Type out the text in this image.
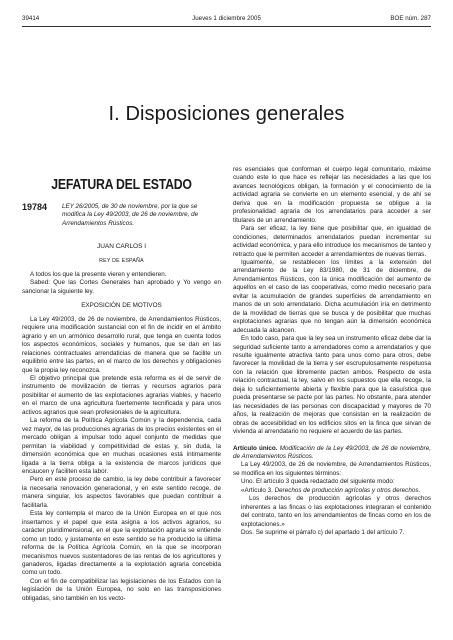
39414	Jueves 1 diciembre 2005	BOE núm. 287
I. Disposiciones generales
JEFATURA DEL ESTADO
19784 LEY 26/2005, de 30 de noviembre, por la que se modifica la Ley 49/2003, de 26 de noviembre, de Arrendamientos Rústicos.
JUAN CARLOS I
REY DE ESPAÑA

A todos los que la presente vieren y entendieren.

Sabed: Que las Cortes Generales han aprobado y Yo vengo en sancionar la siguiente ley.

EXPOSICIÓN DE MOTIVOS

La Ley 49/2003, de 26 de noviembre, de Arrendamientos Rústicos, requiere una modificación sustancial con el fin de incidir en el ámbito agrario y en un armónico desarrollo rural, que tenga en cuenta todos los aspectos económicos, sociales y humanos, que se dan en las relaciones contractuales arrendaticias de manera que se facilite un equilibrio entre las partes, en el marco de los derechos y obligaciones que la propia ley reconozca.

El objetivo principal que pretende esta reforma es el de servir de instrumento de movilización de tierras y recursos agrarios para posibilitar el aumento de las explotaciones agrarias viables, y hacerlo en el marco de una agricultura fuertemente tecnificada y para unos activos agrarios que sean profesionales de la agricultura.

La reforma de la Política Agrícola Común y la dependencia, cada vez mayor, de las producciones agrarias de los precios existentes en el mercado obligan a impulsar todo aquel conjunto de medidas que permitan la viabilidad y competitividad de estas y, sin duda, la dimensión económica que en muchas ocasiones está íntimamente ligada a la tierra obliga a la existencia de marcos jurídicos que encaucen y faciliten esta labor.

Pero en este proceso de cambio, la ley debe contribuir a favorecer la necesaria renovación generacional, y en este sentido recoge, de manera singular, los aspectos favorables que puedan contribuir a facilitarla.

Esta ley contempla el marco de la Unión Europea en el que nos insertamos y el papel que esta asigna a los activos agrarios, su carácter pluridimensional, en el que la explotación agraria se entiende como un todo, y justamente en este sentido se ha producido la última reforma de la Política Agrícola Común, en la que se incorporan mecanismos nuevos sustentadores de las rentas de los agricultores y ganaderos, ligadas directamente a la explotación agraria concebida como un todo.

Con el fin de compatibilizar las legislaciones de los Estados con la legislación de la Unión Europea, no solo en las transposiciones obligadas, sino también en los vecto-

res esenciales que conforman el cuerpo legal comunitario, máxime cuando este lo que hace es reflejar las necesidades a las que los avances tecnológicos obligan, la formación y el conocimiento de la actividad agraria se convierte en un elemento esencial, y de ahí se deriva que en la modificación propuesta se obligue a la profesionalidad agraria de los arrendatarios para acceder a ser titulares de un arrendamiento.

Para ser eficaz, la ley tiene que posibilitar que, en igualdad de condiciones, determinados arrendatarios puedan incrementar su actividad económica, y para ello introduce los mecanismos de tanteo y retracto que le permiten acceder a arrendamientos de nuevas tierras.

Igualmente, se restablecen los límites a la extensión del arrendamiento de la Ley 83/1980, de 31 de diciembre, de Arrendamientos Rústicos, con la única modificación del aumento de aquellos en el caso de las cooperativas, como medio necesario para evitar la acumulación de grandes superficies de arrendamiento en manos de un solo arrendatario. Dicha acumulación iría en detrimento de la movilidad de tierras que se busca y de posibilitar que muchas explotaciones agrarias que no tengan aún la dimensión económica adecuada la alcancen.

En todo caso, para que la ley sea un instrumento eficaz debe dar la seguridad suficiente tanto a arrendadores como a arrendatarios y que resulte igualmente atractiva tanto para unos como para otros, debe favorecer la movilidad de la tierra y ser escrupulosamente respetuosa con la relación que libremente pacten ambos. Respecto de esta relación contractual, la ley, salvo en los supuestos que ella recoge, la deja lo suficientemente abierta y flexible para que la casuística que pueda presentarse se pacte por las partes. No obstante, para atender las necesidades de las personas con discapacidad y mayores de 70 años, la realización de mejoras que consistan en la realización de obras de accesibilidad en los edificios sitos en la finca que sirvan de vivienda al arrendatario no requiere el acuerdo de las partes.

Artículo único. Modificación de la Ley 49/2003, de 26 de noviembre, de Arrendamientos Rústicos.

La Ley 49/2003, de 26 de noviembre, de Arrendamientos Rústicos, se modifica en los siguientes términos:

Uno. El artículo 3 queda redactado del siguiente modo:

«Artículo 3. Derechos de producción agrícolas y otros derechos.

Los derechos de producción agrícolas y otros derechos inherentes a las fincas o las explotaciones integraran el contenido del contrato, tanto en los arrendamientos de fincas como en los de explotaciones.»

Dos. Se suprime el párrafo c) del apartado 1 del artículo 7.
